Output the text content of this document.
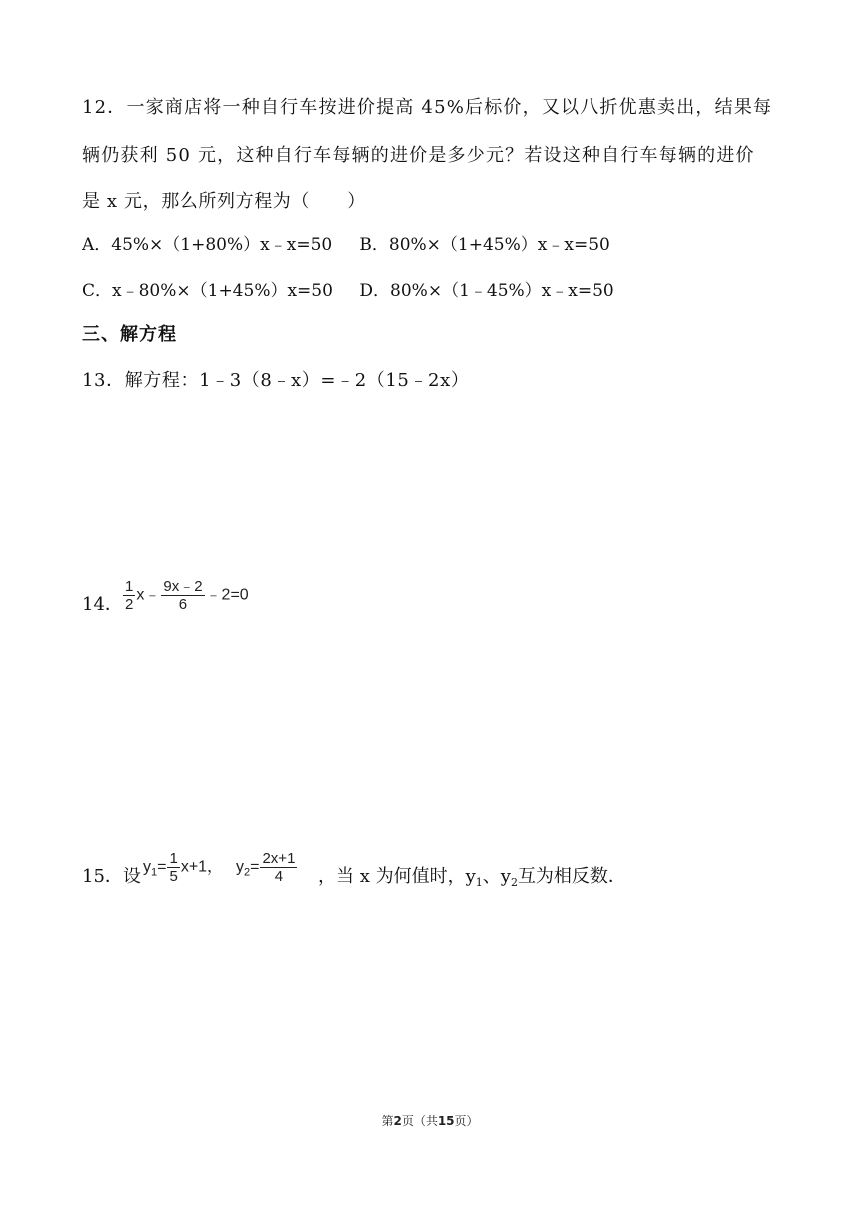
12．一家商店将一种自行车按进价提高 45%后标价，又以八折优惠卖出，结果每
辆仍获利 50 元，这种自行车每辆的进价是多少元？若设这种自行车每辆的进价
是 x 元，那么所列方程为（　　）
A．45%×（1+80%）x﹣x=50 B．80%×（1+45%）x﹣x=50
C．x﹣80%×（1+45%）x=50 D．80%×（1﹣45%）x﹣x=50
三、解方程
13．解方程：1﹣3（8﹣x）=﹣2（15﹣2x）
14． $\frac{1}{2}$ x﹣ $\frac{9x﹣2}{6}$ ﹣2=0
15．设 $y_1= \frac{1}{5} x+1$， $y_2= \frac{2x+1}{4}$ ，当 x 为何值时，$y_1$、$y_2$互为相反数．
第2页（共15页）
